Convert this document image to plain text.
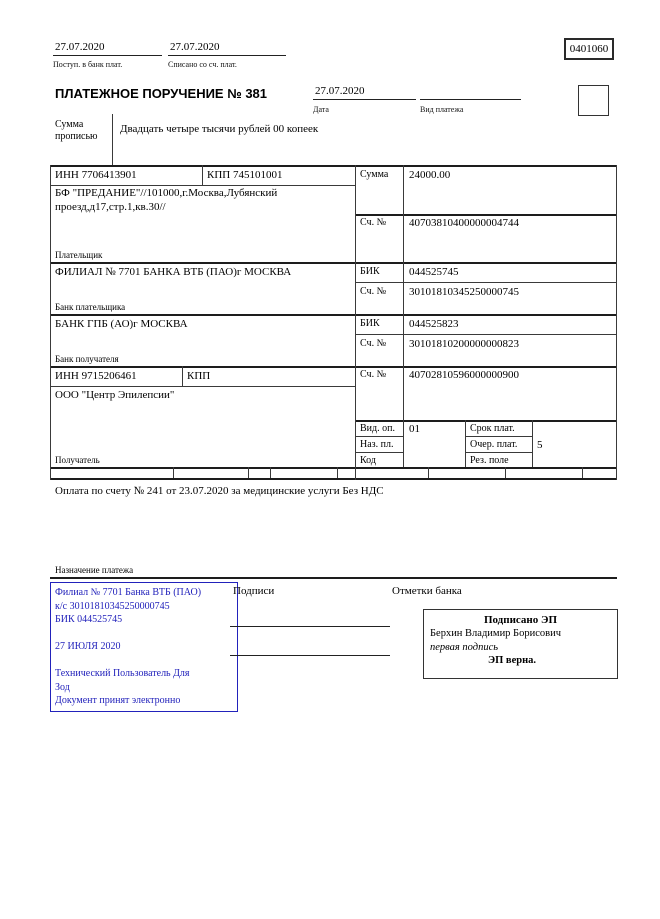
27.07.2020
Поступ. в банк плат.
27.07.2020
Списано со сч. плат.
0401060
ПЛАТЕЖНОЕ ПОРУЧЕНИЕ № 381	27.07.2020
Дата	Вид платежа
Сумма прописью
Двадцать четыре тысячи рублей 00 копеек
ИНН 7706413901	КПП 745101001
БФ "ПРЕДАНИЕ"//101000,г.Москва,Лубянский проезд,д17,стр.1,кв.30//
Плательщик
Сумма 24000.00
Сч. № 40703810400000004744
ФИЛИАЛ № 7701 БАНКА ВТБ (ПАО)г МОСКВА
Банк плательщика
БИК	044525745
Сч. № 30101810345250000745
БАНК ГПБ (АО)г МОСКВА
Банк получателя
БИК	044525823
Сч. № 30101810200000000823
ИНН 9715206461	КПП
ООО "Центр Эпилепсии"
Получатель
Сч. № 40702810596000000900
Вид. оп. 01	Срок плат.
Наз. пл.	Очер. плат. 5
Код	Рез. поле
Оплата по счету № 241 от 23.07.2020 за медицинские услуги Без НДС
Назначение платежа
Филиал № 7701 Банка ВТБ (ПАО)
к/с 30101810345250000745
БИК 044525745
27 ИЮЛЯ 2020
Технический Пользователь Для
Зод
Документ принят электронно
Подписи	Отметки банка
Подписано ЭП
Берхин Владимир Борисович
первая подпись
ЭП верна.
